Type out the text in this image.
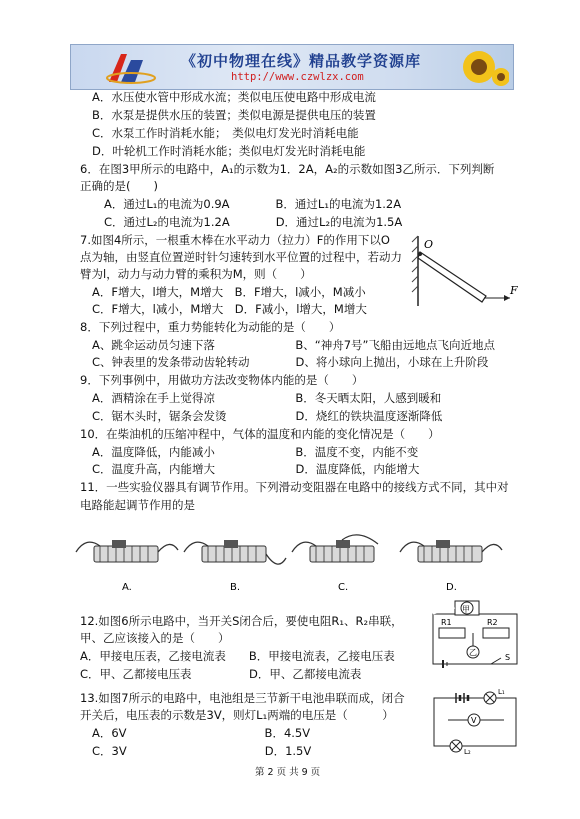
《初中物理在线》精品教学资源库
http://www.czwlzx.com
A．水压使水管中形成水流；类似电压使电路中形成电流
B．水泵是提供水压的装置；类似电源是提供电压的装置
C．水泵工作时消耗水能；　类似电灯发光时消耗电能
D．叶轮机工作时消耗水能；类似电灯发光时消耗电能
6．在图3甲所示的电路中，A₁的示数为1．2A，A₂的示数如图3乙所示．下列判断
正确的是(　　)
A．通过L₁的电流为0.9A　　　　B．通过L₁的电流为1.2A
C．通过L₂的电流为1.2A　　　　D．通过L₂的电流为1.5A
7.如图4所示，一根重木棒在水平动力（拉力）F的作用下以O
点为轴，由竖直位置逆时针匀速转到水平位置的过程中，若动力
臂为l，动力与动力臂的乘积为M，则（　　）
A．F增大，l增大，M增大　B．F增大，l减小，M减小
C．F增大，l减小，M增大　D．F减小，l增大，M增大
O
F
8．下列过程中，重力势能转化为动能的是（　　）
A、跳伞运动员匀速下落　　　　　　　B、“神舟7号”飞船由远地点飞向近地点
C、钟表里的发条带动齿轮转动　　　　D、将小球向上抛出，小球在上升阶段
9．下列事例中，用做功方法改变物体内能的是（　　）
A．酒精涂在手上觉得凉　　　　　　　B．冬天晒太阳，人感到暖和
C．锯木头时，锯条会发烫　　　　　　D．烧红的铁块温度逐渐降低
10．在柴油机的压缩冲程中，气体的温度和内能的变化情况是（　　）
A．温度降低，内能减小　　　　　　　B．温度不变，内能不变
C．温度升高，内能增大　　　　　　　D．温度降低，内能增大
11．一些实验仪器具有调节作用。下列滑动变阻器在电路中的接线方式不同，其中对
电路能起调节作用的是
A.	B.	C.	D.
12.如图6所示电路中，当开关S闭合后，要使电阻R₁、R₂串联，
甲、乙应该接入的是（　　）
A．甲接电压表，乙接电流表　　B．甲接电流表，乙接电压表
C．甲、乙都接电压表　　　　　D．甲、乙都接电流表
甲
R1	R2
乙
S
13.如图7所示的电路中，电池组是三节新干电池串联而成，闭合
开关后，电压表的示数是3V，则灯L₁两端的电压是（　　　）
A．6V　　　　　　　　　　　　B．4.5V
C．3V　　　　　　　　　　　　D．1.5V
L₁
V
L₂
第 2 页 共 9 页
